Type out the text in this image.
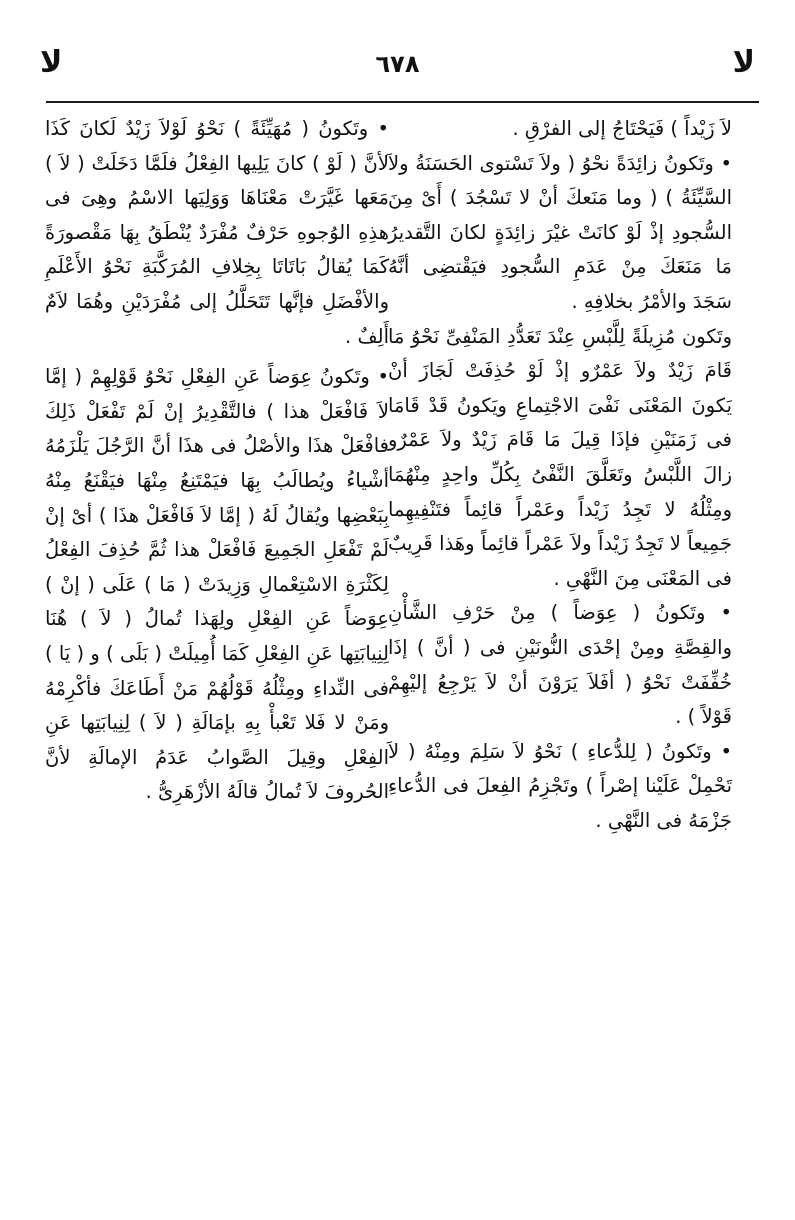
لا
٦٧٨
لا

لاَ زَيْداً ) فَيَحْتَاجُ إلى الفرْقِ .

• وتَكونُ زائِدَةً نحْوُ ( ولاَ تَسْتوى الحَسَنَةُ ولاَ السَّيِّئَةُ ) ( وما مَنَعكَ أنْ لا تَسْجُدَ ) أَىْ مِنَ السُّجودِ إذْ لَوْ كانَتْ غيْرَ زائِدَةٍ لكانَ التَّقديرُ مَا مَنَعَكَ مِنْ عَدَمِ السُّجودِ فيَقْتضِى أنَّهُ سَجَدَ والأمْرُ بخلافِهِ .

وتَكون مُزِيلَةً لِلَّبْسِ عِنْدَ تَعَدُّدِ المَنْفِىِّ نَحْوُ مَا قَامَ زَيْدٌ ولاَ عَمْرٌو إذْ لَوْ حُذِفَتْ لَجَازَ أنْ يَكونَ المَعْنَى نَفْىَ الاجْتِماعِ ويَكونُ قَدْ قَامَا فى زَمَنَيْنِ فإذَا قِيلَ مَا قَامَ زَيْدٌ ولاَ عَمْرٌو زالَ اللَّبْسُ وتَعَلَّقَ النَّفْىُ بِكُلِّ واحِدٍ مِنْهُمَا ومِثْلُهُ لا تَجِدُ زَيْداً وعَمْراً قائِماً فتَنْفِيهِما جَمِيعاً لا تَجِدُ زَيْداً ولاَ عَمْراً قائِماً وهَذا قَرِيبٌ فى المَعْنَى مِنَ النَّهْىِ .

• وتَكونُ ( عِوَضاً ) مِنْ حَرْفِ الشَّأْنِ والقِصَّةِ ومِنْ إحْدَى النُّونَيْنِ فى ( أنَّ ) إذَا خُفِّفَتْ نَحْوُ ( أفَلاَ يَرَوْنَ أنْ لاَ يَرْجِعُ إليْهِمْ قَوْلاً ) .

• وتَكونُ ( لِلدُّعاءِ ) نَحْوُ لاَ سَلِمَ ومِنْهُ ( لاَ تَحْمِلْ عَلَيْنا إصْراً ) وتَجْزِمُ الفِعلَ فى الدُّعاءِ جَزْمَهُ فى النَّهْىِ .

• وتَكونُ ( مُهَيِّئَةً ) نَحْوُ لَوْلاَ زَيْدٌ لَكانَ كَذَا لأنَّ ( لَوْ ) كانَ يَلِيها الفِعْلُ فلَمَّا دَخَلَتْ ( لاَ ) مَعَها غَيَّرَتْ مَعْنَاهَا وَوَلِيَها الاسْمُ وهِىَ فى هذِهِ الوُجوهِ حَرْفٌ مُفْرَدٌ يُنْطَقُ بِهَا مَقْصورَةً كَمَا يُقالُ بَاتَاتَا بِخِلافِ المُرَكَّبَةِ نَحْوُ الأَعْلَمِ والأفْضَلِ فإنَّها تَتَحَلَّلُ إلى مُفْرَدَيْنِ وهُمَا لاَمٌ أَلِفٌ .

• وتَكونُ عِوَضاً عَنِ الفِعْلِ نَحْوُ قَوْلِهِمْ ( إمَّا لاَ فَافْعَلْ هذا ) فالتَّقْدِيرُ إنْ لَمْ تَفْعَلْ ذَلِكَ فافْعَلْ هذَا والأصْلُ فى هذَا أنَّ الرَّجُلَ يَلْزَمُهُ أشْياءُ ويُطالَبُ بِهَا فيَمْتَنِعُ مِنْهَا فيَقْنَعُ مِنْهُ بِبَعْضِها ويُقالُ لَهُ ( إمَّا لاَ فَافْعَلْ هذَا ) أىْ إنْ لَمْ تَفْعَلِ الجَمِيعَ فَافْعَلْ هذا ثُمَّ حُذِفَ الفِعْلُ لِكَثْرَةِ الاسْتِعْمالِ وَزِيدَتْ ( مَا ) عَلَى ( إنْ ) عِوَضاً عَنِ الفِعْلِ ولِهَذا تُمالُ ( لاَ ) هُنَا لِنِيابَتِها عَنِ الفِعْلِ كَمَا أُمِيلَتْ ( بَلَى ) و ( يَا ) فى النِّداءِ ومِثْلُهُ قَوْلُهُمْ مَنْ أَطَاعَكَ فأكْرِمْهُ ومَنْ لا فَلا تَعْبأْ بِهِ بإمَالَةِ ( لاَ ) لِنِيابَتِها عَنِ الفِعْلِ وقِيلَ الصَّوابُ عَدَمُ الإمالَةِ لأنَّ الحُروفَ لاَ تُمالُ قالَهُ الأزْهَرِىُّ .
